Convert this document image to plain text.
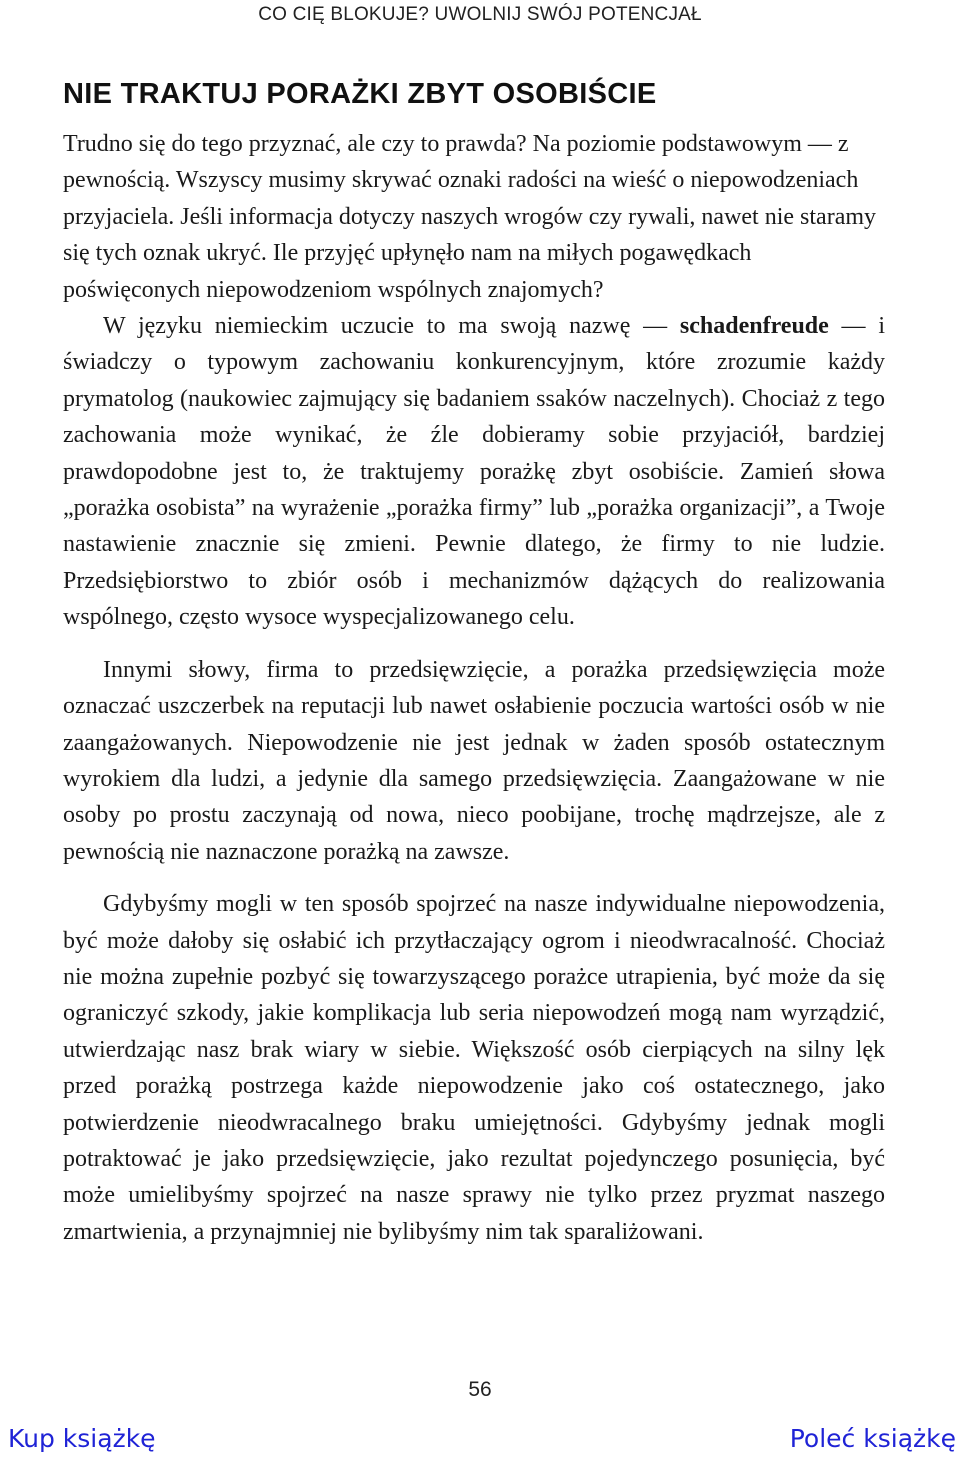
CO CIĘ BLOKUJE? UWOLNIJ SWÓJ POTENCJAŁ
NIE TRAKTUJ PORAŻKI ZBYT OSOBIŚCIE

Trudno się do tego przyznać, ale czy to prawda? Na poziomie podstawowym — z pewnością. Wszyscy musimy skrywać oznaki radości na wieść o niepowodzeniach przyjaciela. Jeśli informacja dotyczy naszych wrogów czy rywali, nawet nie staramy się tych oznak ukryć. Ile przyjęć upłynęło nam na miłych pogawędkach poświęconych niepowodzeniom wspólnych znajomych?

W języku niemieckim uczucie to ma swoją nazwę — schadenfreude — i świadczy o typowym zachowaniu konkurencyjnym, które zrozumie każdy prymatolog (naukowiec zajmujący się badaniem ssaków naczelnych). Chociaż z tego zachowania może wynikać, że źle dobieramy sobie przyjaciół, bardziej prawdopodobne jest to, że traktujemy porażkę zbyt osobiście. Zamień słowa „porażka osobista” na wyrażenie „porażka firmy” lub „porażka organizacji”, a Twoje nastawienie znacznie się zmieni. Pewnie dlatego, że firmy to nie ludzie. Przedsiębiorstwo to zbiór osób i mechanizmów dążących do realizowania wspólnego, często wysoce wyspecjalizowanego celu.

Innymi słowy, firma to przedsięwzięcie, a porażka przedsięwzięcia może oznaczać uszczerbek na reputacji lub nawet osłabienie poczucia wartości osób w nie zaangażowanych. Niepowodzenie nie jest jednak w żaden sposób ostatecznym wyrokiem dla ludzi, a jedynie dla samego przedsięwzięcia. Zaangażowane w nie osoby po prostu zaczynają od nowa, nieco poobijane, trochę mądrzejsze, ale z pewnością nie naznaczone porażką na zawsze.

Gdybyśmy mogli w ten sposób spojrzeć na nasze indywidualne niepowodzenia, być może dałoby się osłabić ich przytłaczający ogrom i nieodwracalność. Chociaż nie można zupełnie pozbyć się towarzyszącego porażce utrapienia, być może da się ograniczyć szkody, jakie komplikacja lub seria niepowodzeń mogą nam wyrządzić, utwierdzając nasz brak wiary w siebie. Większość osób cierpiących na silny lęk przed porażką postrzega każde niepowodzenie jako coś ostatecznego, jako potwierdzenie nieodwracalnego braku umiejętności. Gdybyśmy jednak mogli potraktować je jako przedsięwzięcie, jako rezultat pojedynczego posunięcia, być może umielibyśmy spojrzeć na nasze sprawy nie tylko przez pryzmat naszego zmartwienia, a przynajmniej nie bylibyśmy nim tak sparaliżowani.

56
Kup książkę	Poleć książkę
